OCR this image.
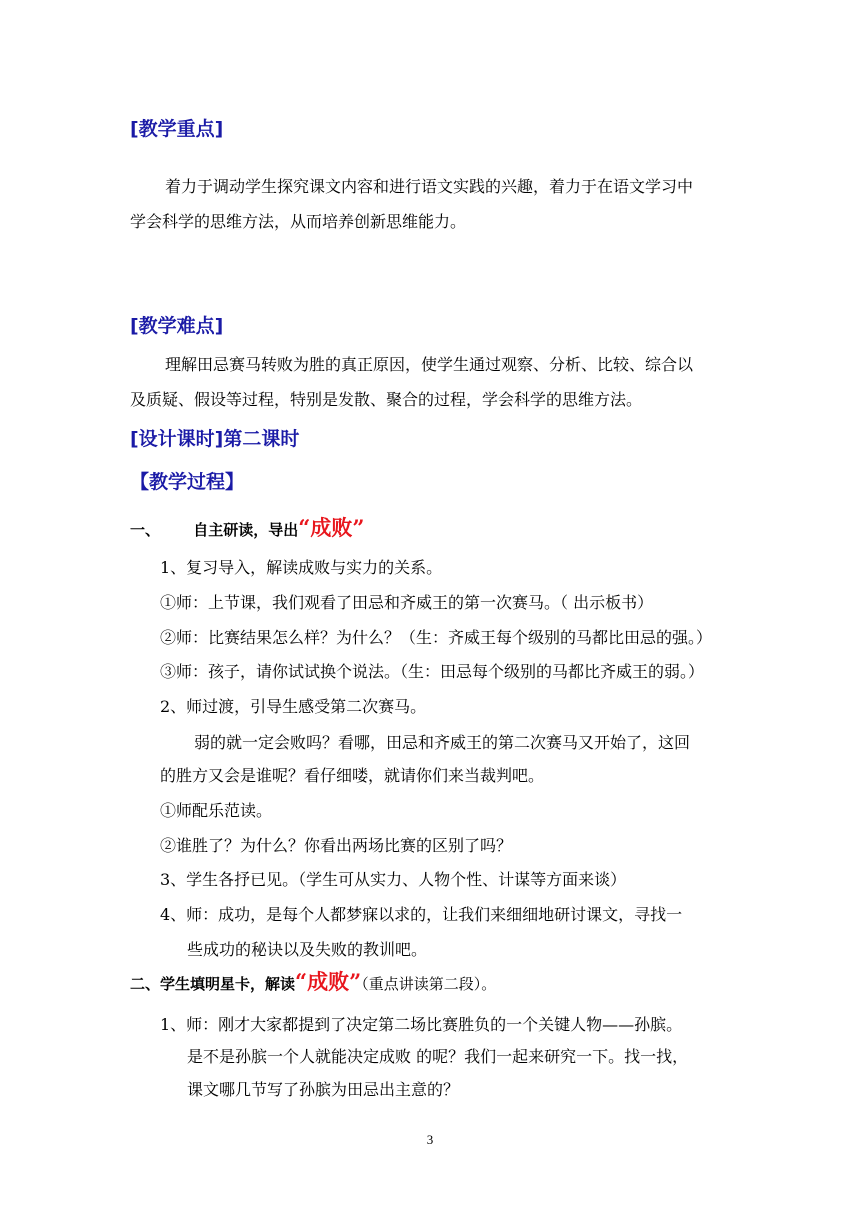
[教学重点]
着力于调动学生探究课文内容和进行语文实践的兴趣，着力于在语文学习中
学会科学的思维方法，从而培养创新思维能力。
[教学难点]
理解田忌赛马转败为胜的真正原因，使学生通过观察、分析、比较、综合以
及质疑、假设等过程，特别是发散、聚合的过程，学会科学的思维方法。
[设计课时]第二课时
【教学过程】
一、 自主研读，导出“成败”
1、复习导入，解读成败与实力的关系。
①师：上节课，我们观看了田忌和齐威王的第一次赛马。（ 出示板书）
②师：比赛结果怎么样？为什么？（生：齐威王每个级别的马都比田忌的强。）
③师：孩子，请你试试换个说法。（生：田忌每个级别的马都比齐威王的弱。）
2、师过渡，引导生感受第二次赛马。
弱的就一定会败吗？看哪，田忌和齐威王的第二次赛马又开始了，这回
的胜方又会是谁呢？看仔细喽，就请你们来当裁判吧。
①师配乐范读。
②谁胜了？为什么？你看出两场比赛的区别了吗？
3、学生各抒已见。（学生可从实力、人物个性、计谋等方面来谈）
4、师：成功，是每个人都梦寐以求的，让我们来细细地研讨课文，寻找一
些成功的秘诀以及失败的教训吧。
二、学生填明星卡，解读“成败”（重点讲读第二段）。
1、师：刚才大家都提到了决定第二场比赛胜负的一个关键人物——孙膑。
是不是孙膑一个人就能决定成败 的呢？我们一起来研究一下。找一找，
课文哪几节写了孙膑为田忌出主意的？
3
